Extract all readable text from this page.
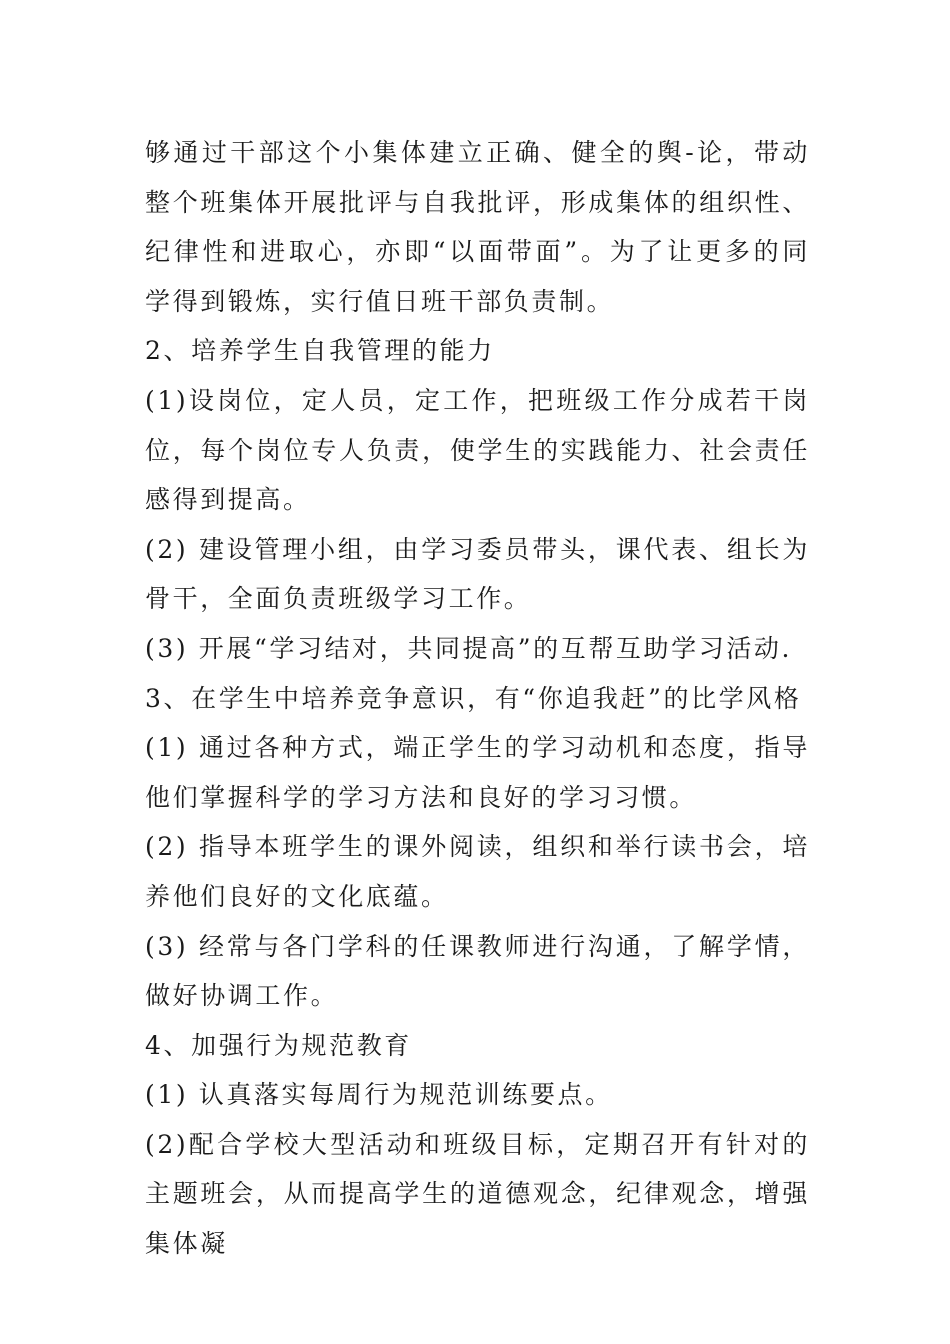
够通过干部这个小集体建立正确、健全的舆-论，带动整个班集体开展批评与自我批评，形成集体的组织性、纪律性和进取心，亦即“以面带面”。为了让更多的同学得到锻炼，实行值日班干部负责制。

2、培养学生自我管理的能力

(1)设岗位，定人员，定工作，把班级工作分成若干岗位，每个岗位专人负责，使学生的实践能力、社会责任感得到提高。

(2) 建设管理小组，由学习委员带头，课代表、组长为骨干，全面负责班级学习工作。

(3) 开展“学习结对，共同提高”的互帮互助学习活动.

3、在学生中培养竞争意识，有“你追我赶”的比学风格

(1) 通过各种方式，端正学生的学习动机和态度，指导他们掌握科学的学习方法和良好的学习习惯。

(2) 指导本班学生的课外阅读，组织和举行读书会，培养他们良好的文化底蕴。

(3) 经常与各门学科的任课教师进行沟通，了解学情，做好协调工作。

4、加强行为规范教育

(1) 认真落实每周行为规范训练要点。

(2)配合学校大型活动和班级目标，定期召开有针对的主题班会，从而提高学生的道德观念，纪律观念，增强集体凝
